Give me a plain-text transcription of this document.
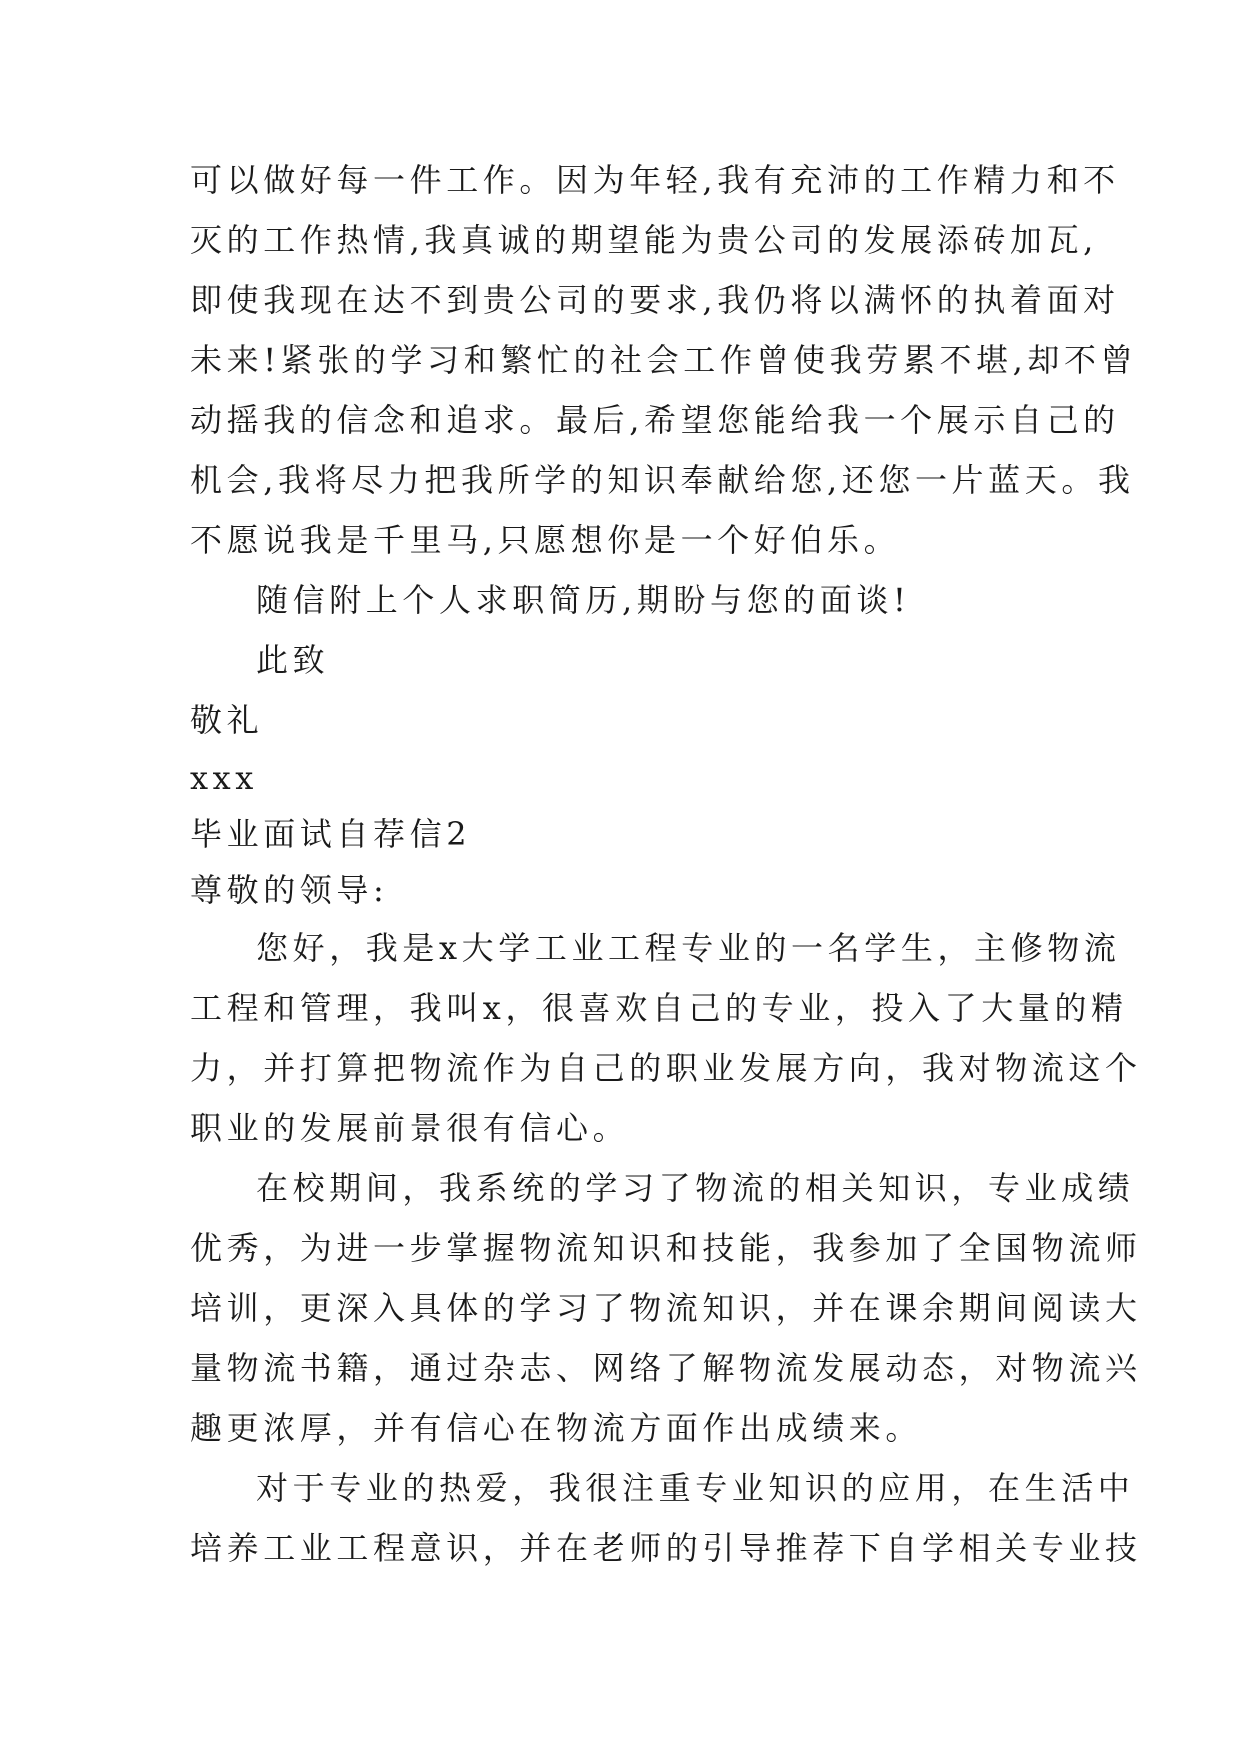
可以做好每一件工作。因为年轻,我有充沛的工作精力和不
灭的工作热情,我真诚的期望能为贵公司的发展添砖加瓦,
即使我现在达不到贵公司的要求,我仍将以满怀的执着面对
未来!紧张的学习和繁忙的社会工作曾使我劳累不堪,却不曾
动摇我的信念和追求。最后,希望您能给我一个展示自己的
机会,我将尽力把我所学的知识奉献给您,还您一片蓝天。我
不愿说我是千里马,只愿想你是一个好伯乐。
随信附上个人求职简历,期盼与您的面谈!
此致
敬礼
xxx
毕业面试自荐信2
尊敬的领导:
您好，我是x大学工业工程专业的一名学生，主修物流
工程和管理，我叫x，很喜欢自己的专业，投入了大量的精
力，并打算把物流作为自己的职业发展方向，我对物流这个
职业的发展前景很有信心。
在校期间，我系统的学习了物流的相关知识，专业成绩
优秀，为进一步掌握物流知识和技能，我参加了全国物流师
培训，更深入具体的学习了物流知识，并在课余期间阅读大
量物流书籍，通过杂志、网络了解物流发展动态，对物流兴
趣更浓厚，并有信心在物流方面作出成绩来。
对于专业的热爱，我很注重专业知识的应用，在生活中
培养工业工程意识，并在老师的引导推荐下自学相关专业技
